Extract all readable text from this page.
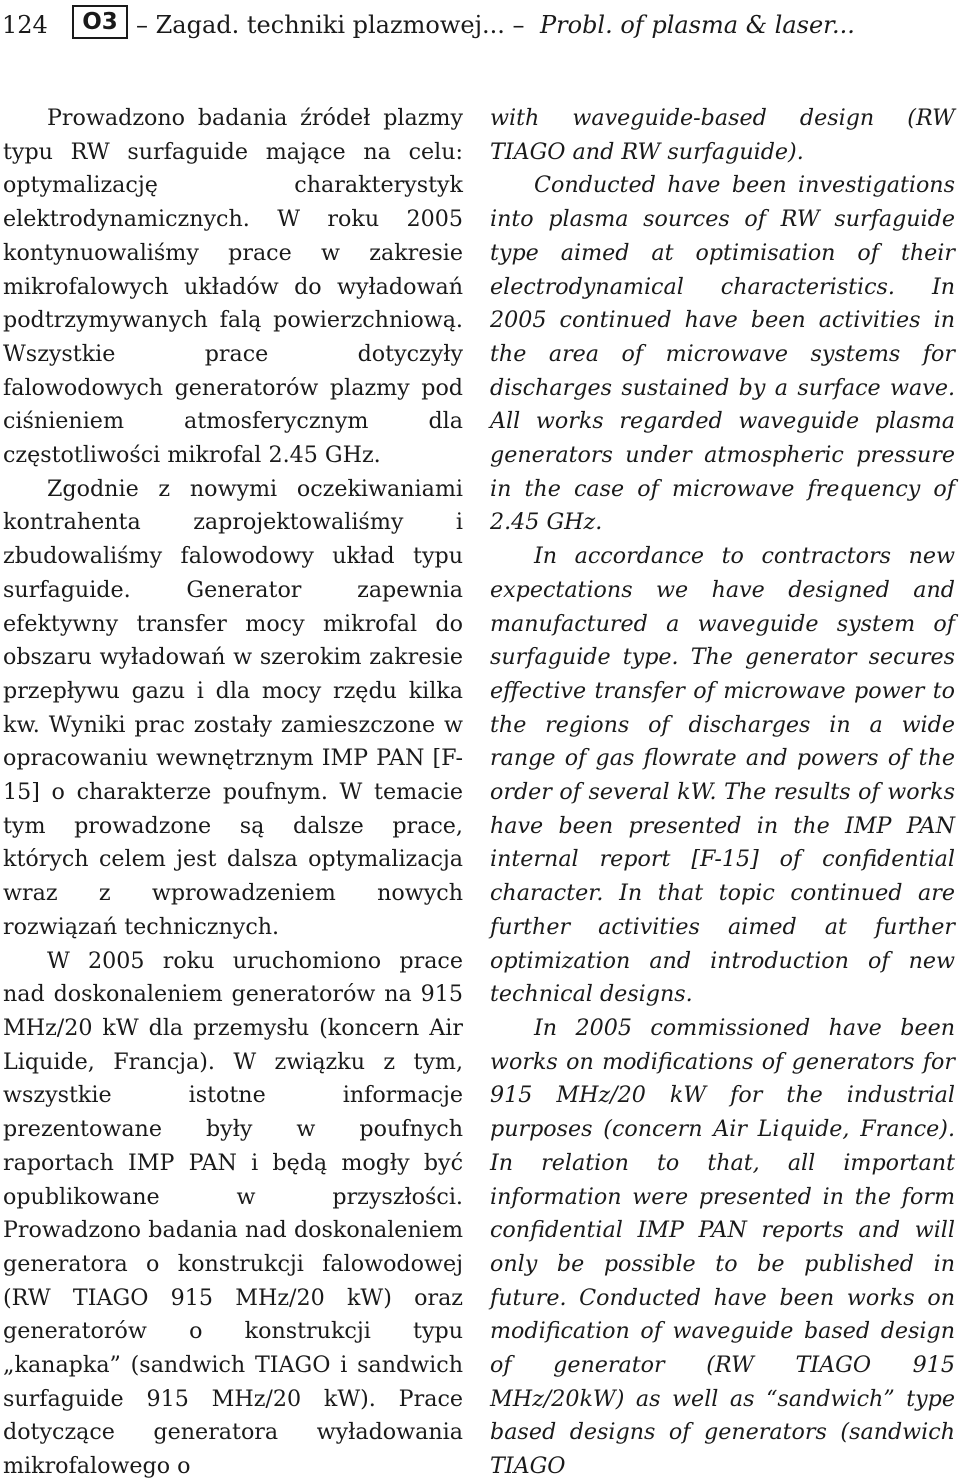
124	O3 – Zagad. techniki plazmowej... – Probl. of plasma & laser...

Prowadzono badania źródeł plazmy typu RW surfaguide mające na celu: optymalizację charakterystyk elektrodynamicznych. W roku 2005 kontynuowaliśmy prace w zakresie mikrofalowych układów do wyładowań podtrzymywanych falą powierzchniową. Wszystkie prace dotyczyły falowodowych generatorów plazmy pod ciśnieniem atmosferycznym dla częstotliwości mikrofal 2.45 GHz.

Zgodnie z nowymi oczekiwaniami kontrahenta zaprojektowaliśmy i zbudowaliśmy falowodowy układ typu surfaguide. Generator zapewnia efektywny transfer mocy mikrofal do obszaru wyładowań w szerokim zakresie przepływu gazu i dla mocy rzędu kilka kw. Wyniki prac zostały zamieszczone w opracowaniu wewnętrznym IMP PAN [F-15] o charakterze poufnym. W temacie tym prowadzone są dalsze prace, których celem jest dalsza optymalizacja wraz z wprowadzeniem nowych rozwiązań technicznych.

W 2005 roku uruchomiono prace nad doskonaleniem generatorów na 915 MHz/20 kW dla przemysłu (koncern Air Liquide, Francja). W związku z tym, wszystkie istotne informacje prezentowane były w poufnych raportach IMP PAN i będą mogły być opublikowane w przyszłości. Prowadzono badania nad doskonaleniem generatora o konstrukcji falowodowej (RW TIAGO 915 MHz/20 kW) oraz generatorów o konstrukcji typu „kanapka” (sandwich TIAGO i sandwich surfaguide 915 MHz/20 kW). Prace dotyczące generatora wyładowania mikrofalowego o

with waveguide-based design (RW TIAGO and RW surfaguide).

Conducted have been investigations into plasma sources of RW surfaguide type aimed at optimisation of their electrodynamical characteristics. In 2005 continued have been activities in the area of microwave systems for discharges sustained by a surface wave. All works regarded waveguide plasma generators under atmospheric pressure in the case of microwave frequency of 2.45 GHz.

In accordance to contractors new expectations we have designed and manufactured a waveguide system of surfaguide type. The generator secures effective transfer of microwave power to the regions of discharges in a wide range of gas flowrate and powers of the order of several kW. The results of works have been presented in the IMP PAN internal report [F-15] of confidential character. In that topic continued are further activities aimed at further optimization and introduction of new technical designs.

In 2005 commissioned have been works on modifications of generators for 915 MHz/20 kW for the industrial purposes (concern Air Liquide, France). In relation to that, all important information were presented in the form confidential IMP PAN reports and will only be possible to be published in future. Conducted have been works on modification of waveguide based design of generator (RW TIAGO 915 MHz/20kW) as well as “sandwich” type based designs of generators (sandwich TIAGO
